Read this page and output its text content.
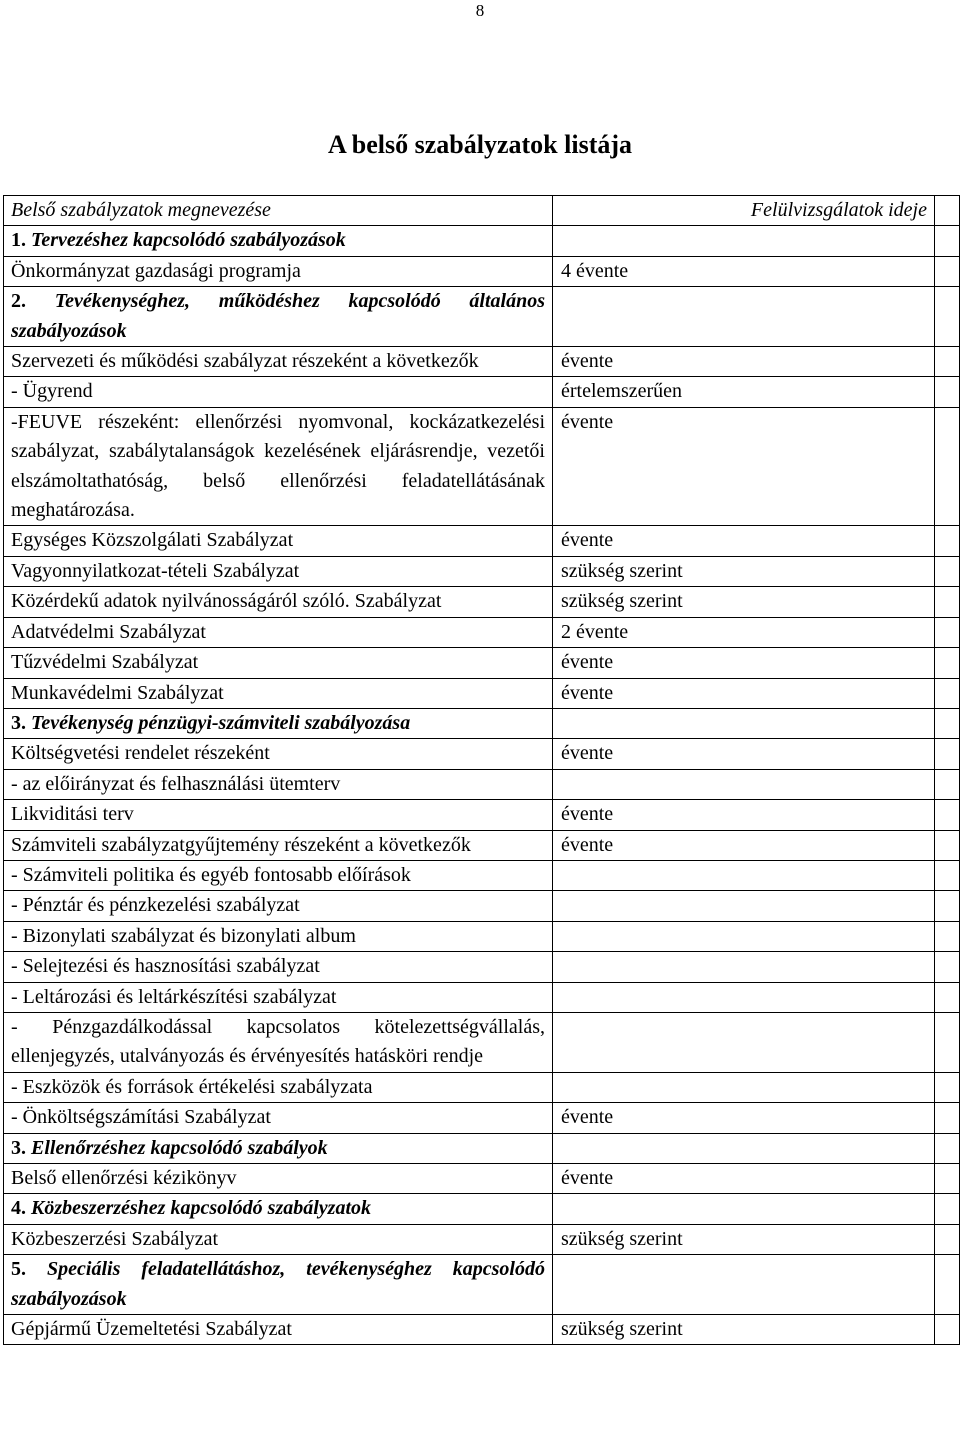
8
A belső szabályzatok listája
Belső szabályzatok megnevezése	Felülvizsgálatok ideje	
1. Tervezéshez kapcsolódó szabályozások		
Önkormányzat gazdasági programja	4 évente	
2. Tevékenységhez, működéshez kapcsolódó általános szabályozások		
Szervezeti és működési szabályzat részeként a következők	évente	
- Ügyrend	értelemszerűen	
-FEUVE részeként: ellenőrzési nyomvonal, kockázatkezelési szabályzat, szabálytalanságok kezelésének eljárásrendje, vezetői elszámoltathatóság, belső ellenőrzési feladatellátásának meghatározása.	évente	
Egységes Közszolgálati Szabályzat	évente	
Vagyonnyilatkozat-tételi Szabályzat	szükség szerint	
Közérdekű adatok nyilvánosságáról szóló. Szabályzat	szükség szerint	
Adatvédelmi Szabályzat	2 évente	
Tűzvédelmi Szabályzat	évente	
Munkavédelmi Szabályzat	évente	
3. Tevékenység pénzügyi-számviteli szabályozása		
Költségvetési rendelet részeként	évente	
- az előirányzat és felhasználási ütemterv		
Likviditási terv	évente	
Számviteli szabályzatgyűjtemény részeként a következők	évente	
- Számviteli politika és egyéb fontosabb előírások		
- Pénztár és pénzkezelési szabályzat		
- Bizonylati szabályzat és bizonylati album		
- Selejtezési és hasznosítási szabályzat		
- Leltározási és leltárkészítési szabályzat		
- Pénzgazdálkodással kapcsolatos kötelezettségvállalás, ellenjegyzés, utalványozás és érvényesítés hatásköri rendje		
- Eszközök és források értékelési szabályzata		
- Önköltségszámítási Szabályzat	évente	
3. Ellenőrzéshez kapcsolódó szabályok		
Belső ellenőrzési kézikönyv	évente	
4. Közbeszerzéshez kapcsolódó szabályzatok		
Közbeszerzési Szabályzat	szükség szerint	
5. Speciális feladatellátáshoz, tevékenységhez kapcsolódó szabályozások		
Gépjármű Üzemeltetési Szabályzat	szükség szerint	
